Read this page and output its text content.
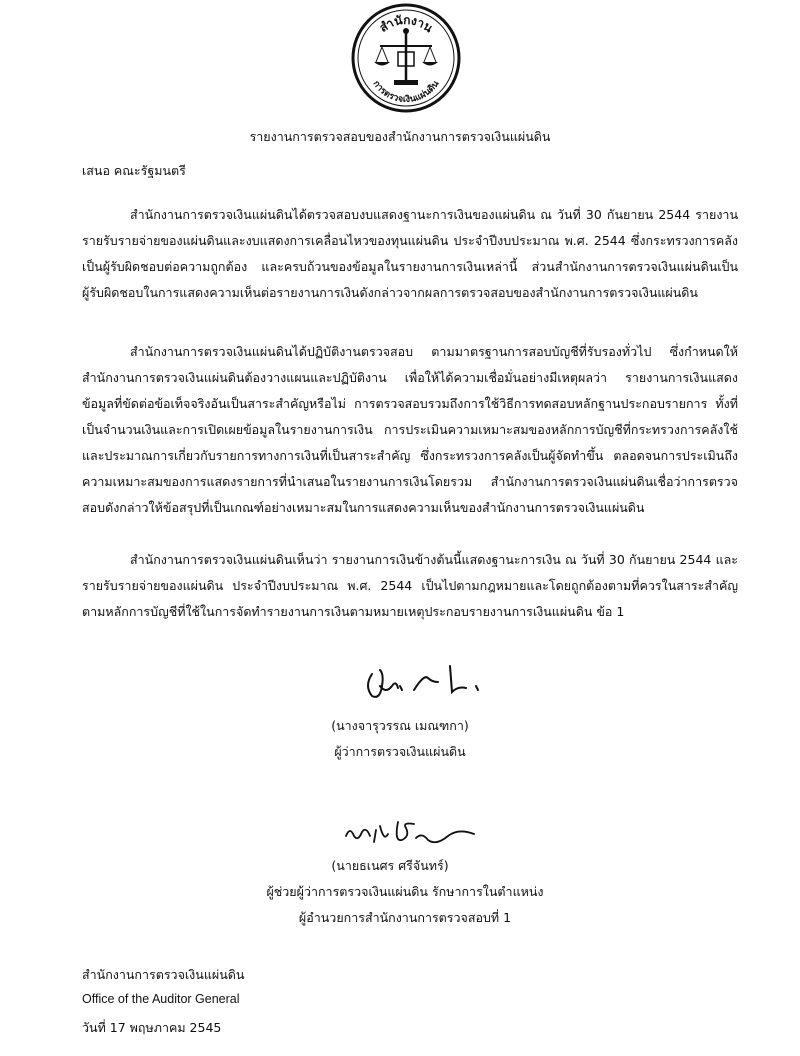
สำนักงาน
การตรวจเงินแผ่นดิน
รายงานการตรวจสอบของสำนักงานการตรวจเงินแผ่นดิน
เสนอ คณะรัฐมนตรี
สำนักงานการตรวจเงินแผ่นดินได้ตรวจสอบงบแสดงฐานะการเงินของแผ่นดิน ณ วันที่ 30 กันยายน 2544 รายงานรายรับรายจ่ายของแผ่นดินและงบแสดงการเคลื่อนไหวของทุนแผ่นดิน ประจำปีงบประมาณ พ.ศ. 2544 ซึ่งกระทรวงการคลังเป็นผู้รับผิดชอบต่อความถูกต้อง และครบถ้วนของข้อมูลในรายงานการเงินเหล่านี้ ส่วนสำนักงานการตรวจเงินแผ่นดินเป็นผู้รับผิดชอบในการแสดงความเห็นต่อรายงานการเงินดังกล่าวจากผลการตรวจสอบของสำนักงานการตรวจเงินแผ่นดิน
สำนักงานการตรวจเงินแผ่นดินได้ปฏิบัติงานตรวจสอบ ตามมาตรฐานการสอบบัญชีที่รับรองทั่วไป ซึ่งกำหนดให้สำนักงานการตรวจเงินแผ่นดินต้องวางแผนและปฏิบัติงาน เพื่อให้ได้ความเชื่อมั่นอย่างมีเหตุผลว่า รายงานการเงินแสดงข้อมูลที่ขัดต่อข้อเท็จจริงอันเป็นสาระสำคัญหรือไม่ การตรวจสอบรวมถึงการใช้วิธีการทดสอบหลักฐานประกอบรายการ ทั้งที่เป็นจำนวนเงินและการเปิดเผยข้อมูลในรายงานการเงิน การประเมินความเหมาะสมของหลักการบัญชีที่กระทรวงการคลังใช้และประมาณการเกี่ยวกับรายการทางการเงินที่เป็นสาระสำคัญ ซึ่งกระทรวงการคลังเป็นผู้จัดทำขึ้น ตลอดจนการประเมินถึงความเหมาะสมของการแสดงรายการที่นำเสนอในรายงานการเงินโดยรวม สำนักงานการตรวจเงินแผ่นดินเชื่อว่าการตรวจสอบดังกล่าวให้ข้อสรุปที่เป็นเกณฑ์อย่างเหมาะสมในการแสดงความเห็นของสำนักงานการตรวจเงินแผ่นดิน
สำนักงานการตรวจเงินแผ่นดินเห็นว่า รายงานการเงินข้างต้นนี้แสดงฐานะการเงิน ณ วันที่ 30 กันยายน 2544 และรายรับรายจ่ายของแผ่นดิน ประจำปีงบประมาณ พ.ศ. 2544 เป็นไปตามกฎหมายและโดยถูกต้องตามที่ควรในสาระสำคัญ ตามหลักการบัญชีที่ใช้ในการจัดทำรายงานการเงินตามหมายเหตุประกอบรายงานการเงินแผ่นดิน ข้อ 1
(นางจารุวรรณ เมณฑกา)
ผู้ว่าการตรวจเงินแผ่นดิน
(นายธเนศร ศรีจันทร์)
ผู้ช่วยผู้ว่าการตรวจเงินแผ่นดิน รักษาการในตำแหน่ง
ผู้อำนวยการสำนักงานการตรวจสอบที่ 1
สำนักงานการตรวจเงินแผ่นดิน
Office of the Auditor General
วันที่ 17 พฤษภาคม 2545
